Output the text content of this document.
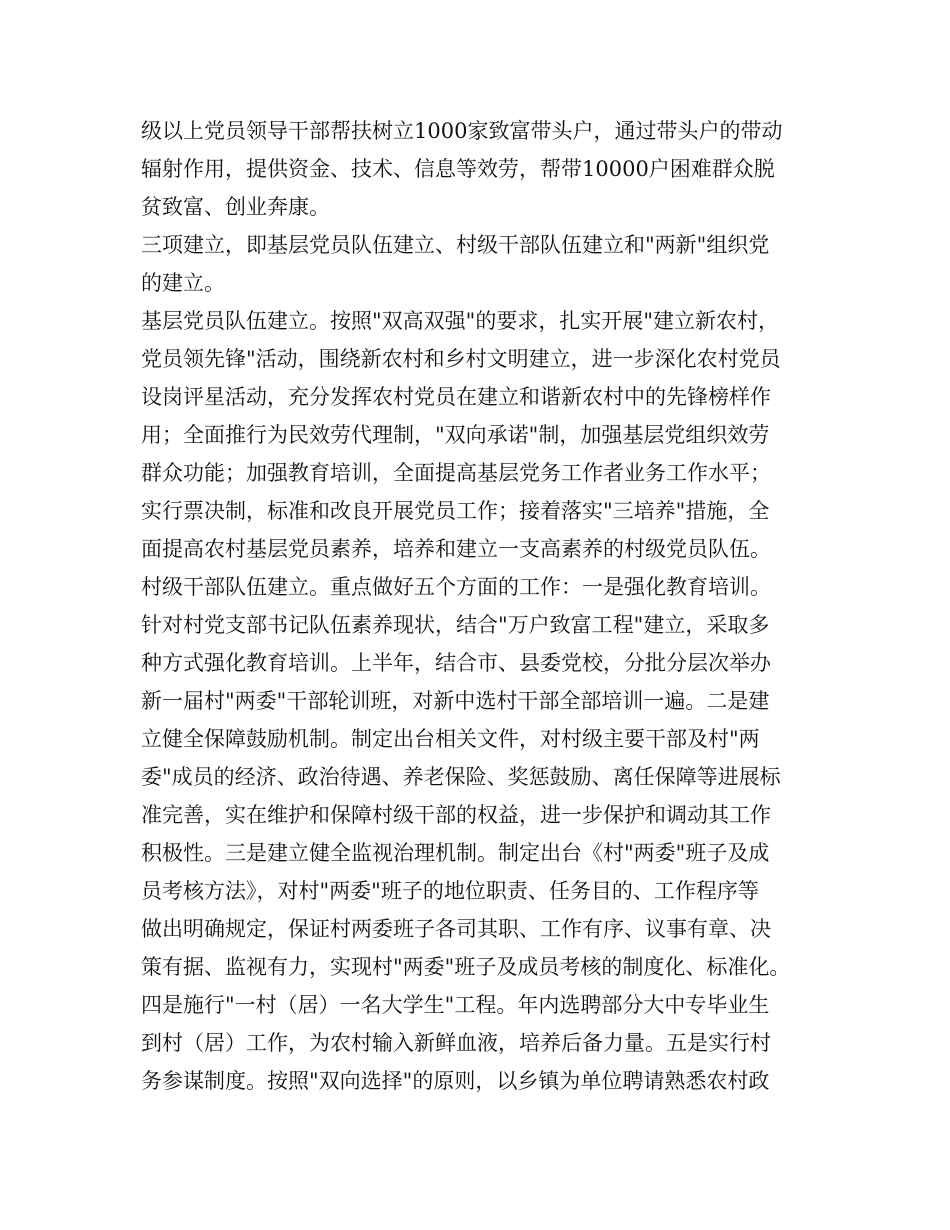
级以上党员领导干部帮扶树立1000家致富带头户，通过带头户的带动
辐射作用，提供资金、技术、信息等效劳，帮带10000户困难群众脱
贫致富、创业奔康。
三项建立，即基层党员队伍建立、村级干部队伍建立和"两新"组织党
的建立。
基层党员队伍建立。按照"双高双强"的要求，扎实开展"建立新农村，
党员领先锋"活动，围绕新农村和乡村文明建立，进一步深化农村党员
设岗评星活动，充分发挥农村党员在建立和谐新农村中的先锋榜样作
用；全面推行为民效劳代理制，"双向承诺"制，加强基层党组织效劳
群众功能；加强教育培训，全面提高基层党务工作者业务工作水平；
实行票决制，标准和改良开展党员工作；接着落实"三培养"措施，全
面提高农村基层党员素养，培养和建立一支高素养的村级党员队伍。
村级干部队伍建立。重点做好五个方面的工作：一是强化教育培训。
针对村党支部书记队伍素养现状，结合"万户致富工程"建立，采取多
种方式强化教育培训。上半年，结合市、县委党校，分批分层次举办
新一届村"两委"干部轮训班，对新中选村干部全部培训一遍。二是建
立健全保障鼓励机制。制定出台相关文件，对村级主要干部及村"两
委"成员的经济、政治待遇、养老保险、奖惩鼓励、离任保障等进展标
准完善，实在维护和保障村级干部的权益，进一步保护和调动其工作
积极性。三是建立健全监视治理机制。制定出台《村"两委"班子及成
员考核方法》，对村"两委"班子的地位职责、任务目的、工作程序等
做出明确规定，保证村两委班子各司其职、工作有序、议事有章、决
策有据、监视有力，实现村"两委"班子及成员考核的制度化、标准化。
四是施行"一村（居）一名大学生"工程。年内选聘部分大中专毕业生
到村（居）工作，为农村输入新鲜血液，培养后备力量。五是实行村
务参谋制度。按照"双向选择"的原则，以乡镇为单位聘请熟悉农村政
